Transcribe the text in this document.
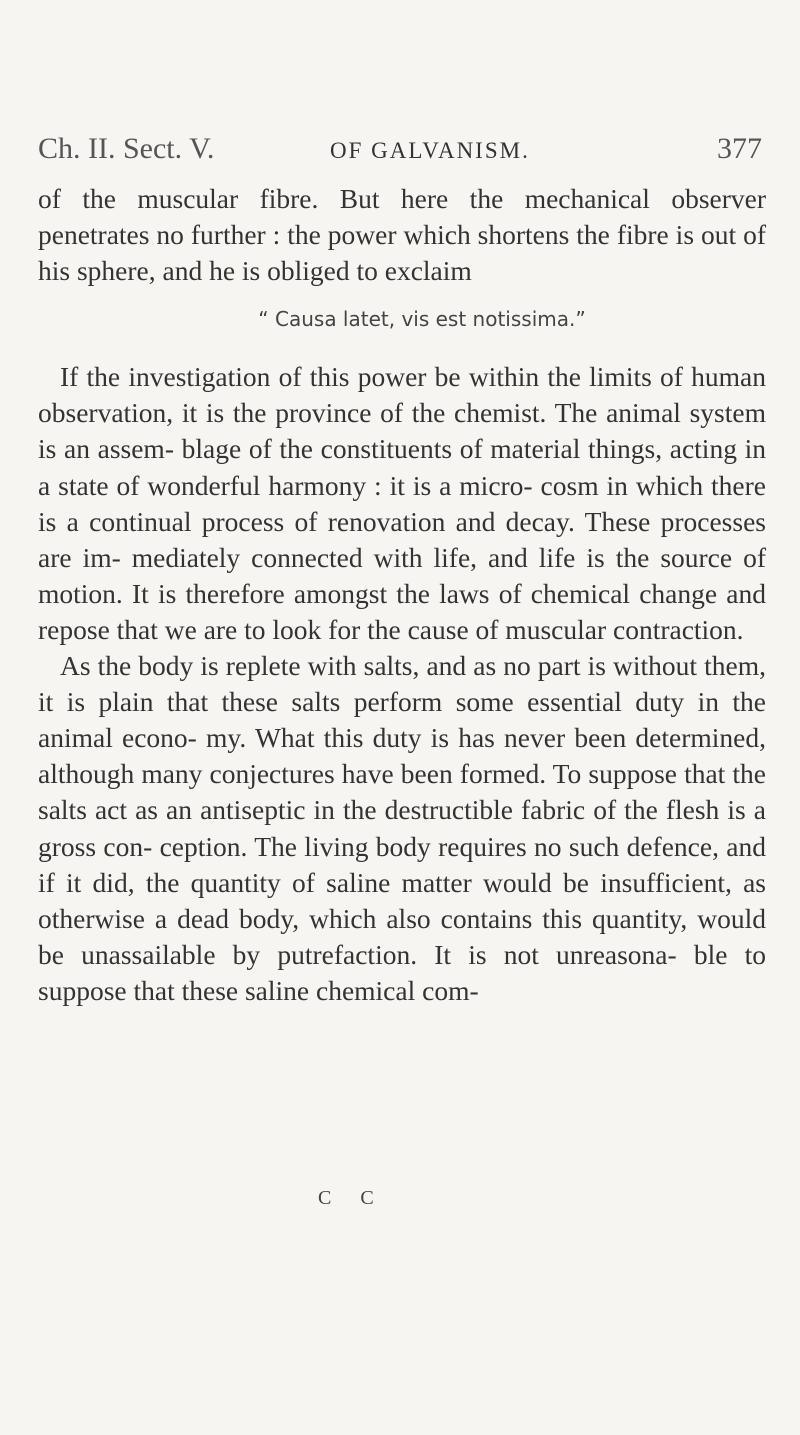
Ch. II. Sect. V.	OF GALVANISM.	377

of the muscular fibre. But here the mechanical observer penetrates no further : the power which shortens the fibre is out of his sphere, and he is obliged to exclaim

“ Causa latet, vis est notissima.”

If the investigation of this power be within the limits of human observation, it is the province of the chemist. The animal system is an assem- blage of the constituents of material things, acting in a state of wonderful harmony : it is a micro- cosm in which there is a continual process of renovation and decay. These processes are im- mediately connected with life, and life is the source of motion. It is therefore amongst the laws of chemical change and repose that we are to look for the cause of muscular contraction.

As the body is replete with salts, and as no part is without them, it is plain that these salts perform some essential duty in the animal econo- my. What this duty is has never been determined, although many conjectures have been formed. To suppose that the salts act as an antiseptic in the destructible fabric of the flesh is a gross con- ception. The living body requires no such defence, and if it did, the quantity of saline matter would be insufficient, as otherwise a dead body, which also contains this quantity, would be unassailable by putrefaction. It is not unreasona- ble to suppose that these saline chemical com-

C C
